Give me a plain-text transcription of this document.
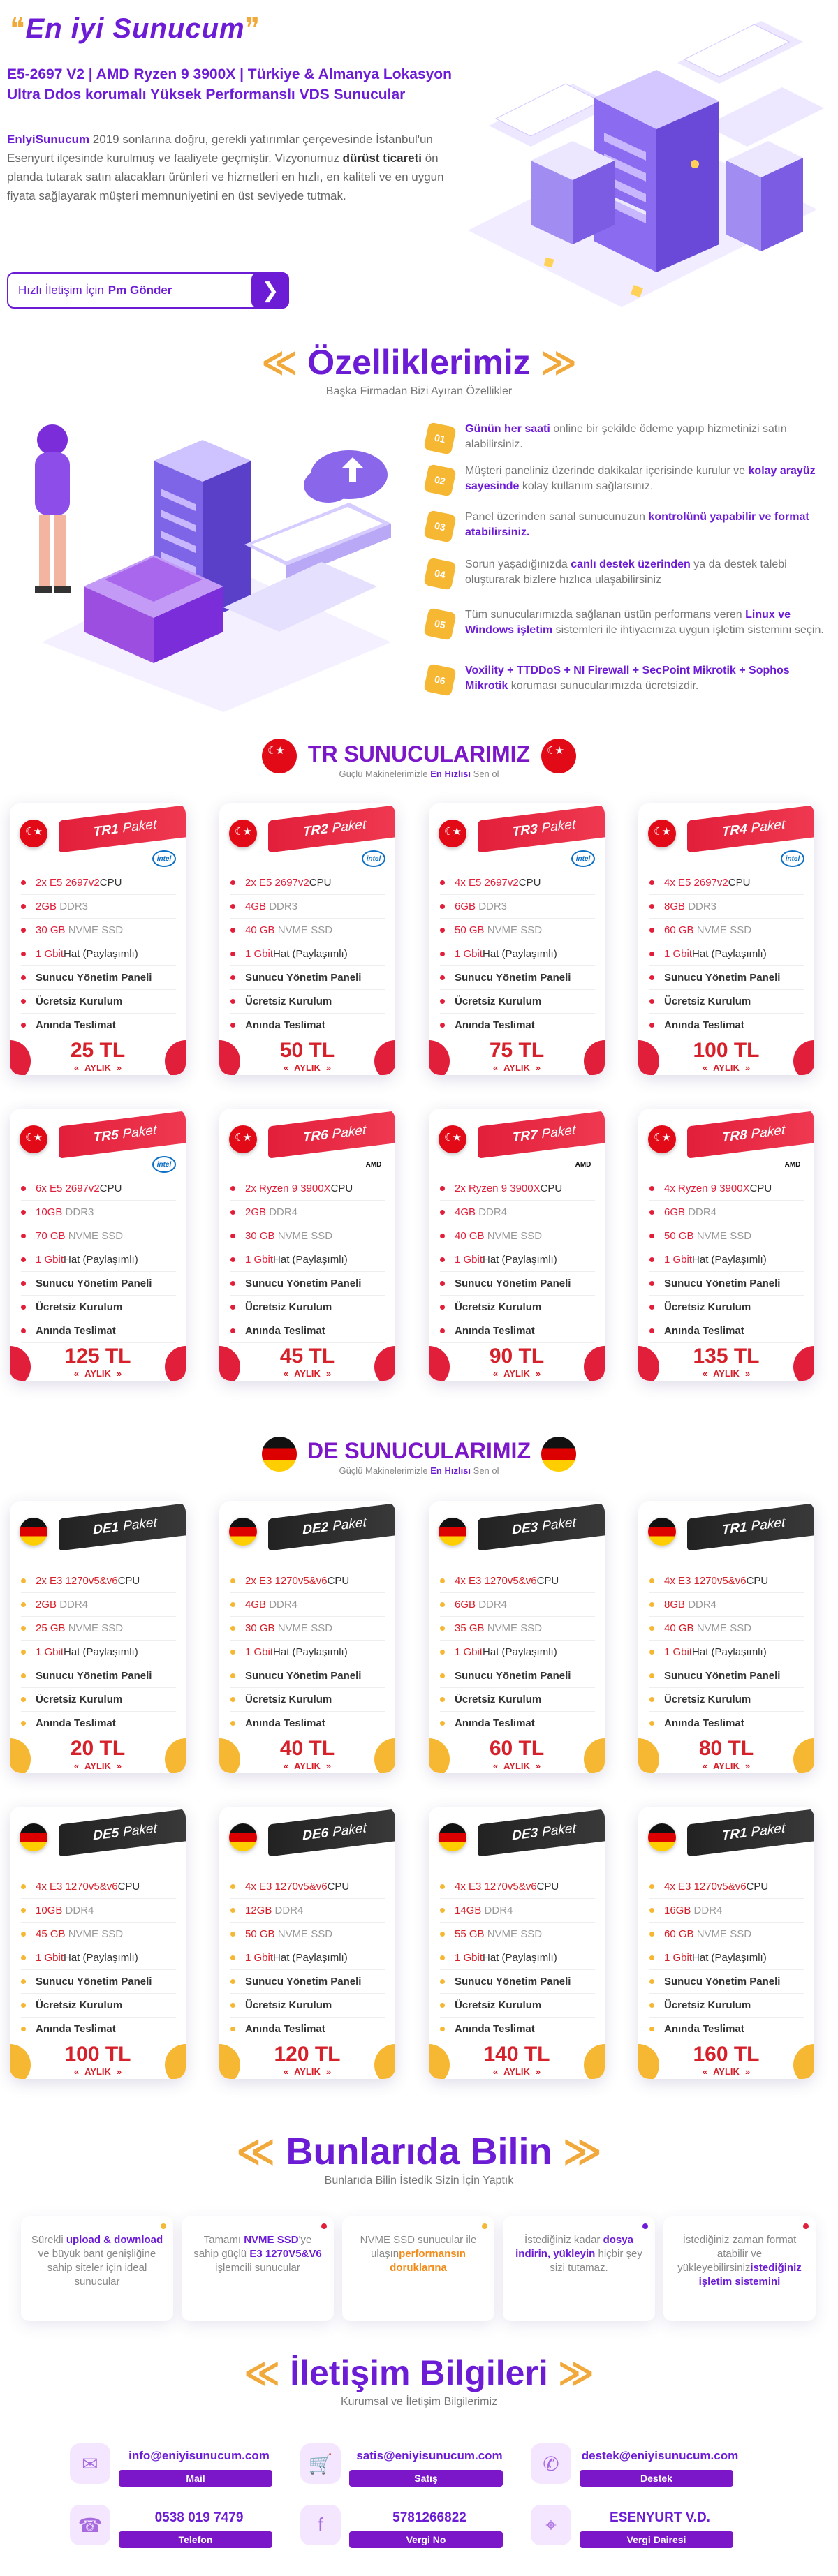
❝En iyi Sunucum❞
E5-2697 V2 | AMD Ryzen 9 3900X | Türkiye & Almanya Lokasyon Ultra Ddos korumalı Yüksek Performanslı VDS Sunucular

EnlyiSunucum 2019 sonlarına doğru, gerekli yatırımlar çerçevesinde İstanbul'un Esenyurt ilçesinde kurulmuş ve faaliyete geçmiştir. Vizyonumuz dürüst ticareti ön planda tutarak satın alacakları ürünleri ve hizmetleri en hızlı, en kaliteli ve en uygun fiyata sağlayarak müşteri memnuniyetini en üst seviyede tutmak.

Hızlı İletişim İçin Pm Gönder	❯
≪ Özelliklerimiz ≫
Başka Firmadan Bizi Ayıran Özellikler
01
Günün her saati online bir şekilde ödeme yapıp hizmetinizi satın alabilirsiniz.
02
Müşteri paneliniz üzerinde dakikalar içerisinde kurulur ve kolay arayüz sayesinde kolay kullanım sağlarsınız.
03
Panel üzerinden sanal sunucunuzun kontrolünü yapabilir ve format atabilirsiniz.
04
Sorun yaşadığınızda canlı destek üzerinden ya da destek talebi oluşturarak bizlere hızlıca ulaşabilirsiniz
05
Tüm sunucularımızda sağlanan üstün performans veren Linux ve Windows işletim sistemleri ile ihtiyacınıza uygun işletim sisteminı seçin.
06
Voxility + TTDDoS + NI Firewall + SecPoint Mikrotik + Sophos Mikrotik koruması sunucularımızda ücretsizdir.
TR SUNUCULARIMIZ
Güçlü Makinelerimizle En Hızlısı Sen ol
☾★
☾★
☾★
TR1 Paket
intel
2x E5 2697v2 CPU
2GB
DDR3
30 GB
NVME SSD
1 Gbit Hat (Paylaşımlı)
Sunucu Yönetim Paneli
Ücretsiz Kurulum
Anında Teslimat
25 TL
« AYLIK »
☾★
TR2 Paket
intel
2x E5 2697v2 CPU
4GB
DDR3
40 GB
NVME SSD
1 Gbit Hat (Paylaşımlı)
Sunucu Yönetim Paneli
Ücretsiz Kurulum
Anında Teslimat
50 TL
« AYLIK »
☾★
TR3 Paket
intel
4x E5 2697v2 CPU
6GB
DDR3
50 GB
NVME SSD
1 Gbit Hat (Paylaşımlı)
Sunucu Yönetim Paneli
Ücretsiz Kurulum
Anında Teslimat
75 TL
« AYLIK »
☾★
TR4 Paket
intel
4x E5 2697v2 CPU
8GB
DDR3
60 GB
NVME SSD
1 Gbit Hat (Paylaşımlı)
Sunucu Yönetim Paneli
Ücretsiz Kurulum
Anında Teslimat
100 TL
« AYLIK »
☾★
TR5 Paket
intel
6x E5 2697v2 CPU
10GB
DDR3
70 GB
NVME SSD
1 Gbit Hat (Paylaşımlı)
Sunucu Yönetim Paneli
Ücretsiz Kurulum
Anında Teslimat
125 TL
« AYLIK »
☾★
TR6 Paket
AMD
2x Ryzen 9 3900X CPU
2GB
DDR4
30 GB
NVME SSD
1 Gbit Hat (Paylaşımlı)
Sunucu Yönetim Paneli
Ücretsiz Kurulum
Anında Teslimat
45 TL
« AYLIK »
☾★
TR7 Paket
AMD
2x Ryzen 9 3900X CPU
4GB
DDR4
40 GB
NVME SSD
1 Gbit Hat (Paylaşımlı)
Sunucu Yönetim Paneli
Ücretsiz Kurulum
Anında Teslimat
90 TL
« AYLIK »
☾★
TR8 Paket
AMD
4x Ryzen 9 3900X CPU
6GB
DDR4
50 GB
NVME SSD
1 Gbit Hat (Paylaşımlı)
Sunucu Yönetim Paneli
Ücretsiz Kurulum
Anında Teslimat
135 TL
« AYLIK »
DE SUNUCULARIMIZ
Güçlü Makinelerimizle En Hızlısı Sen ol
DE1 Paket
2x E3 1270v5&v6 CPU
2GB
DDR4
25 GB
NVME SSD
1 Gbit Hat (Paylaşımlı)
Sunucu Yönetim Paneli
Ücretsiz Kurulum
Anında Teslimat
20 TL
« AYLIK »
DE2 Paket
2x E3 1270v5&v6 CPU
4GB
DDR4
30 GB
NVME SSD
1 Gbit Hat (Paylaşımlı)
Sunucu Yönetim Paneli
Ücretsiz Kurulum
Anında Teslimat
40 TL
« AYLIK »
DE3 Paket
4x E3 1270v5&v6 CPU
6GB
DDR4
35 GB
NVME SSD
1 Gbit Hat (Paylaşımlı)
Sunucu Yönetim Paneli
Ücretsiz Kurulum
Anında Teslimat
60 TL
« AYLIK »
TR1 Paket
4x E3 1270v5&v6 CPU
8GB
DDR4
40 GB
NVME SSD
1 Gbit Hat (Paylaşımlı)
Sunucu Yönetim Paneli
Ücretsiz Kurulum
Anında Teslimat
80 TL
« AYLIK »
DE5 Paket
4x E3 1270v5&v6 CPU
10GB
DDR4
45 GB
NVME SSD
1 Gbit Hat (Paylaşımlı)
Sunucu Yönetim Paneli
Ücretsiz Kurulum
Anında Teslimat
100 TL
« AYLIK »
DE6 Paket
4x E3 1270v5&v6 CPU
12GB
DDR4
50 GB
NVME SSD
1 Gbit Hat (Paylaşımlı)
Sunucu Yönetim Paneli
Ücretsiz Kurulum
Anında Teslimat
120 TL
« AYLIK »
DE3 Paket
4x E3 1270v5&v6 CPU
14GB
DDR4
55 GB
NVME SSD
1 Gbit Hat (Paylaşımlı)
Sunucu Yönetim Paneli
Ücretsiz Kurulum
Anında Teslimat
140 TL
« AYLIK »
TR1 Paket
4x E3 1270v5&v6 CPU
16GB
DDR4
60 GB
NVME SSD
1 Gbit Hat (Paylaşımlı)
Sunucu Yönetim Paneli
Ücretsiz Kurulum
Anında Teslimat
160 TL
« AYLIK »
≪ Bunlarıda Bilin ≫
Bunlarıda Bilin İstedik Sizin İçin Yaptık
Sürekli upload & download ve büyük bant genişliğine sahip siteler için ideal sunucular
Tamamı NVME SSD'ye sahip güçlü E3 1270V5&V6 işlemcili sunucular
NVME SSD sunucular ile ulaşınperformansın doruklarına
İstediğiniz kadar dosya indirin, yükleyin hiçbir şey sizi tutamaz.
İstediğiniz zaman format atabilir ve yükleyebilirsinizistediğiniz işletim sistemini
≪ İletişim Bilgileri ≫
Kurumsal ve İletişim Bilgilerimiz
✉	info@eniyisunucum.com
Mail
🛒	satis@eniyisunucum.com
Satış
✆	destek@eniyisunucum.com
Destek
☎	0538 019 7479
Telefon
f	5781266822
Vergi No
⌖	ESENYURT V.D.
Vergi Dairesi
